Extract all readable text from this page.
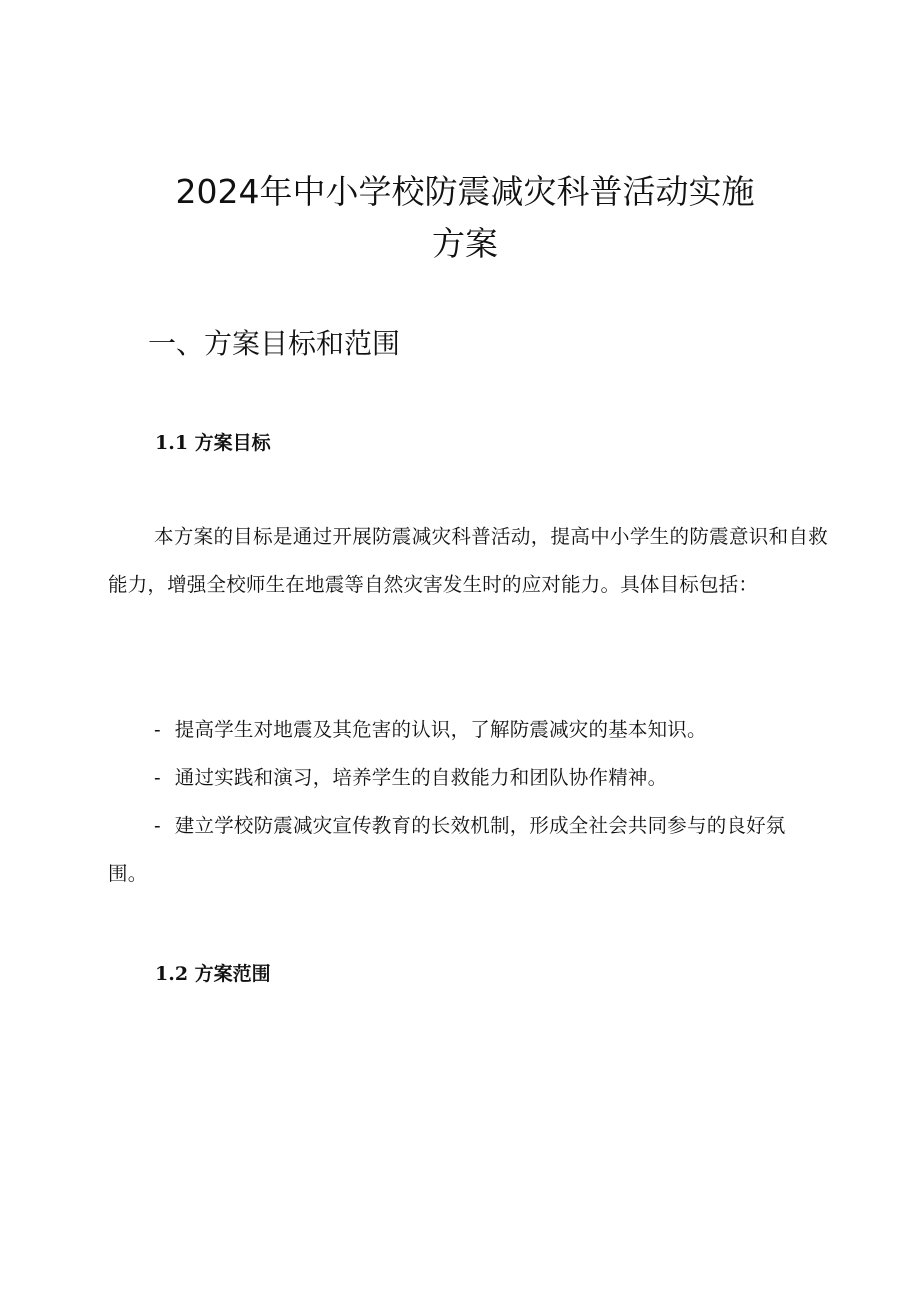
2024年中小学校防震减灾科普活动实施
方案
一、方案目标和范围
1.1 方案目标

本方案的目标是通过开展防震减灾科普活动，提高中小学生的防震意识和自救能力，增强全校师生在地震等自然灾害发生时的应对能力。具体目标包括：

- 提高学生对地震及其危害的认识，了解防震减灾的基本知识。
- 通过实践和演习，培养学生的自救能力和团队协作精神。
- 建立学校防震减灾宣传教育的长效机制，形成全社会共同参与的良好氛围。
1.2 方案范围
